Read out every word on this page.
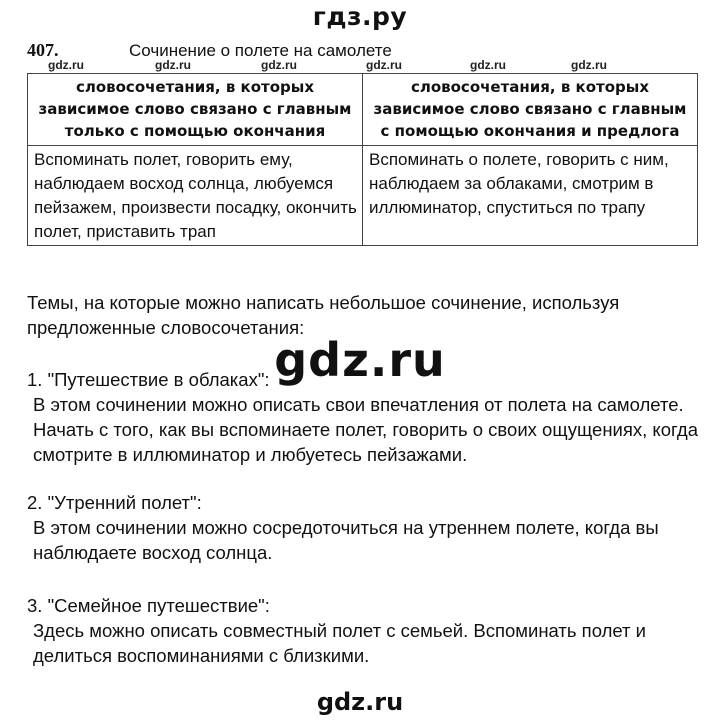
гдз.ру
407.	Сочинение о полете на самолете
gdz.ru	gdz.ru	gdz.ru	gdz.ru	gdz.ru	gdz.ru
словосочетания, в которых зависимое слово связано с главным только с помощью окончания	словосочетания, в которых зависимое слово связано с главным с помощью окончания и предлога
Вспоминать полет, говорить ему, наблюдаем восход солнца, любуемся пейзажем, произвести посадку, окончить полет, приставить трап	Вспоминать о полете, говорить с ним, наблюдаем за облаками, смотрим в иллюминатор, спуститься по трапу
Темы, на которые можно написать небольшое сочинение, используя предложенные словосочетания:
gdz.ru
1. "Путешествие в облаках":
В этом сочинении можно описать свои впечатления от полета на самолете. Начать с того, как вы вспоминаете полет, говорить о своих ощущениях, когда смотрите в иллюминатор и любуетесь пейзажами.
2. "Утренний полет":
В этом сочинении можно сосредоточиться на утреннем полете, когда вы наблюдаете восход солнца.
3. "Семейное путешествие":
Здесь можно описать совместный полет с семьей. Вспоминать полет и делиться воспоминаниями с близкими.
gdz.ru
